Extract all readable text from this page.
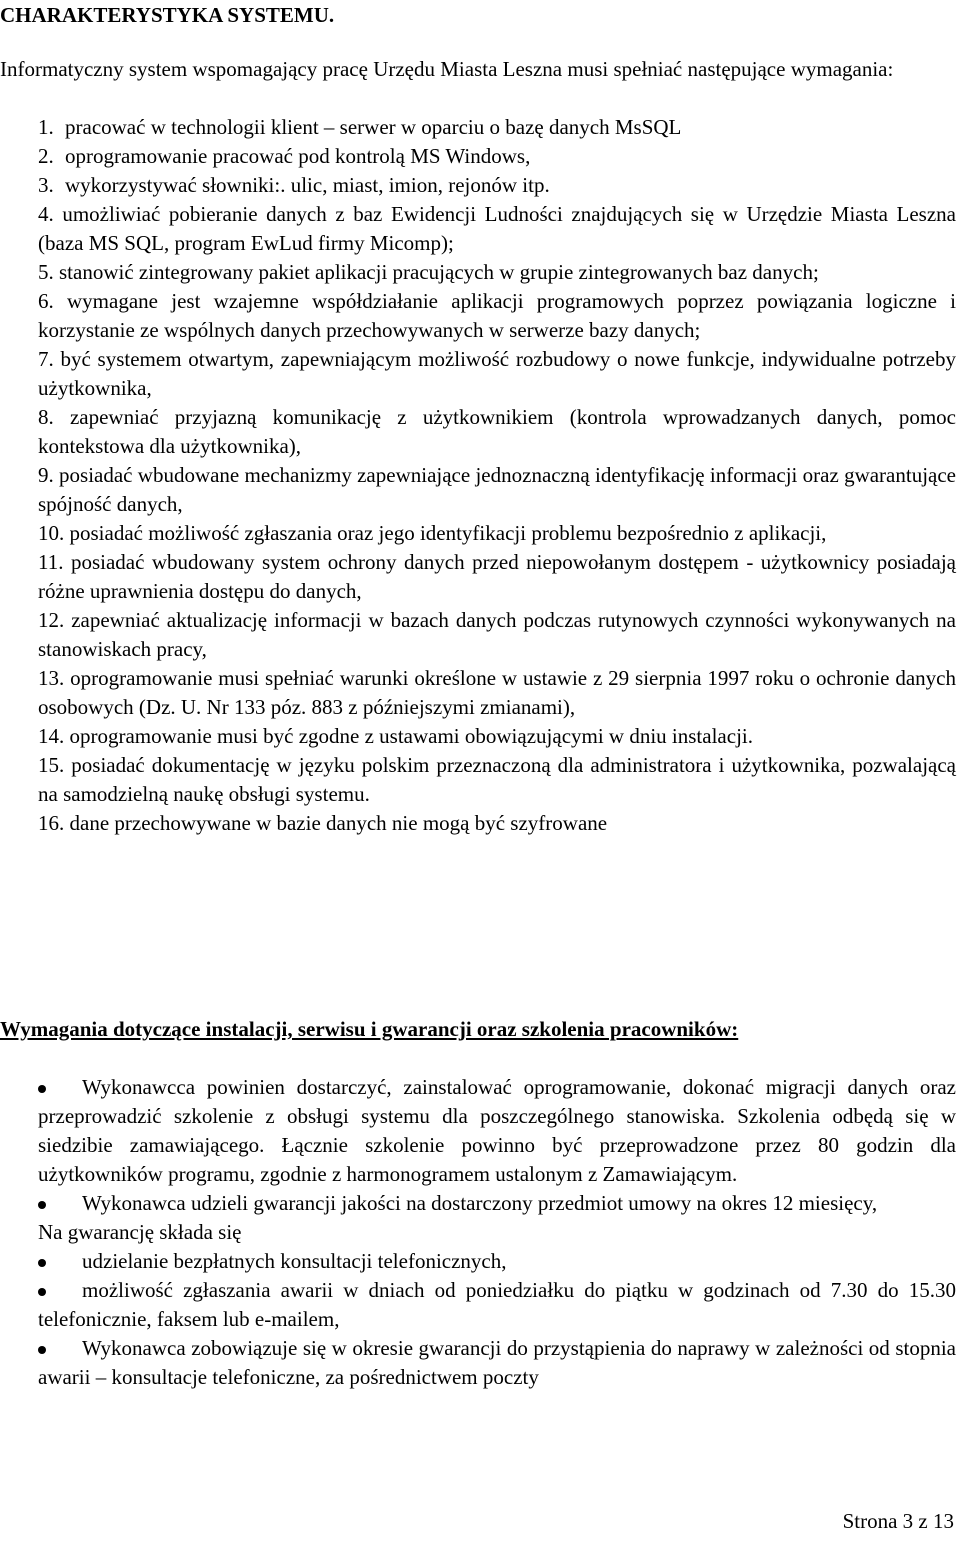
CHARAKTERYSTYKA SYSTEMU.
Informatyczny system wspomagający pracę Urzędu Miasta Leszna musi spełniać następujące wymagania:

1. pracować w technologii klient – serwer w oparciu o bazę danych MsSQL

2. oprogramowanie pracować pod kontrolą MS Windows,

3. wykorzystywać słowniki:. ulic, miast, imion, rejonów itp.

4. umożliwiać pobieranie danych z baz Ewidencji Ludności znajdujących się w Urzędzie Miasta Leszna (baza MS SQL, program EwLud firmy Micomp);

5. stanowić zintegrowany pakiet aplikacji pracujących w grupie zintegrowanych baz danych;

6. wymagane jest wzajemne współdziałanie aplikacji programowych poprzez powiązania logiczne i korzystanie ze wspólnych danych przechowywanych w serwerze bazy danych;

7. być systemem otwartym, zapewniającym możliwość rozbudowy o nowe funkcje, indywidualne potrzeby użytkownika,

8. zapewniać przyjazną komunikację z użytkownikiem (kontrola wprowadzanych danych, pomoc kontekstowa dla użytkownika),

9. posiadać wbudowane mechanizmy zapewniające jednoznaczną identyfikację informacji oraz gwarantujące spójność danych,

10. posiadać możliwość zgłaszania oraz jego identyfikacji problemu bezpośrednio z aplikacji,

11. posiadać wbudowany system ochrony danych przed niepowołanym dostępem - użytkownicy posiadają różne uprawnienia dostępu do danych,

12. zapewniać aktualizację informacji w bazach danych podczas rutynowych czynności wykonywanych na stanowiskach pracy,

13. oprogramowanie musi spełniać warunki określone w ustawie z 29 sierpnia 1997 roku o ochronie danych osobowych (Dz. U. Nr 133 póz. 883 z późniejszymi zmianami),

14. oprogramowanie musi być zgodne z ustawami obowiązującymi w dniu instalacji.

15. posiadać dokumentację w języku polskim przeznaczoną dla administratora i użytkownika, pozwalającą na samodzielną naukę obsługi systemu.

16. dane przechowywane w bazie danych nie mogą być szyfrowane

Wymagania dotyczące instalacji, serwisu i gwarancji oraz szkolenia pracowników:

Wykonawcca powinien dostarczyć, zainstalować oprogramowanie, dokonać migracji danych oraz przeprowadzić szkolenie z obsługi systemu dla poszczególnego stanowiska. Szkolenia odbędą się w siedzibie zamawiającego. Łącznie szkolenie powinno być przeprowadzone przez 80 godzin dla użytkowników programu, zgodnie z harmonogramem ustalonym z Zamawiającym.

Wykonawca udzieli gwarancji jakości na dostarczony przedmiot umowy na okres 12 miesięcy,

Na gwarancję składa się

udzielanie bezpłatnych konsultacji telefonicznych,

możliwość zgłaszania awarii w dniach od poniedziałku do piątku w godzinach od 7.30 do 15.30 telefonicznie, faksem lub e-mailem,

Wykonawca zobowiązuje się w okresie gwarancji do przystąpienia do naprawy w zależności od stopnia awarii – konsultacje telefoniczne, za pośrednictwem poczty

Strona 3 z 13
